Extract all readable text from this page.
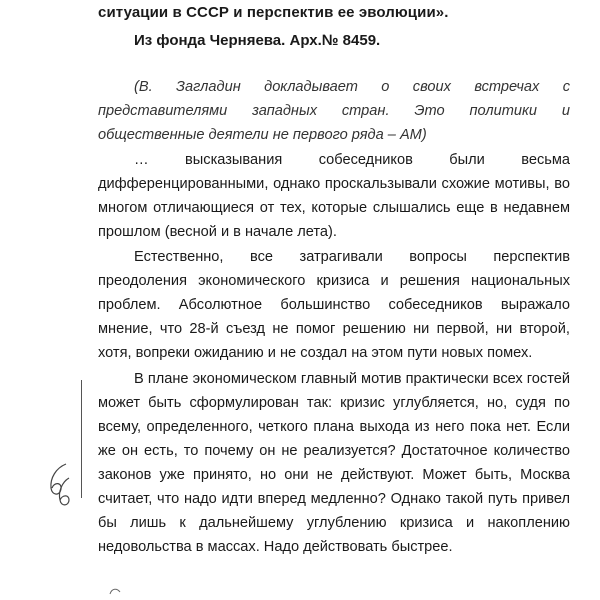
ситуации в СССР и перспектив ее эволюции».
Из фонда Черняева. Арх.№ 8459.
(В. Загладин докладывает о своих встречах с представителями западных стран. Это политики и общественные деятели не первого ряда – АМ)
… высказывания собеседников были весьма дифференцированными, однако проскальзывали схожие мотивы, во многом отличающиеся от тех, которые слышались еще в недавнем прошлом (весной и в начале лета).
Естественно, все затрагивали вопросы перспектив преодоления экономического кризиса и решения национальных проблем. Абсолютное большинство собеседников выражало мнение, что 28-й съезд не помог решению ни первой, ни второй, хотя, вопреки ожиданию и не создал на этом пути новых помех.
В плане экономическом главный мотив практически всех гостей может быть сформулирован так: кризис углубляется, но, судя по всему, определенного, четкого плана выхода из него пока нет. Если же он есть, то почему он не реализуется? Достаточное количество законов уже принято, но они не действуют. Может быть, Москва считает, что надо идти вперед медленно? Однако такой путь привел бы лишь к дальнейшему углублению кризиса и накоплению недовольства в массах. Надо действовать быстрее.
